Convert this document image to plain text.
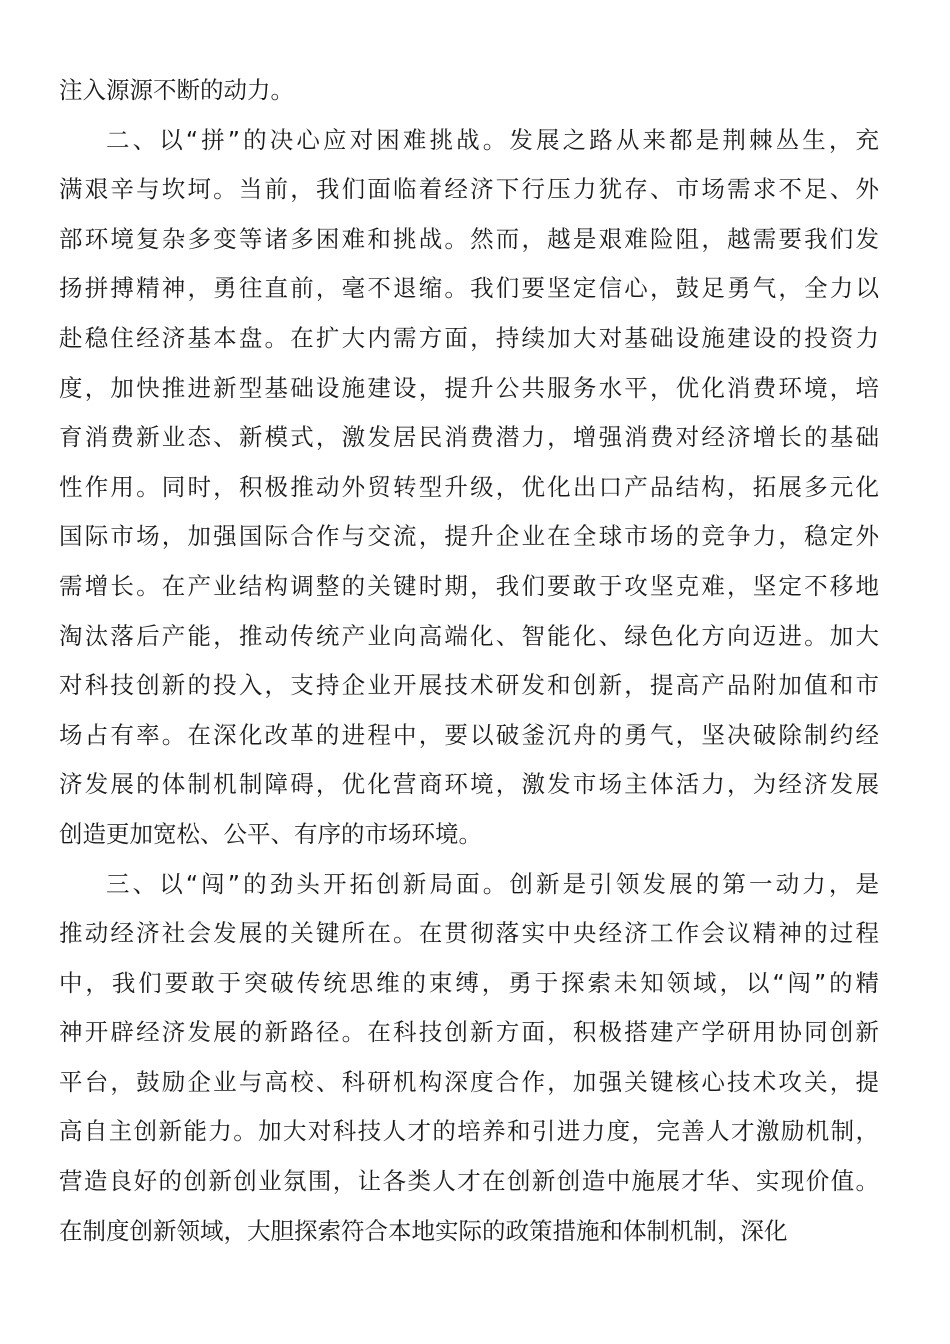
注入源源不断的动力。
二、以“拼”的决心应对困难挑战。发展之路从来都是荆棘丛生，充
满艰辛与坎坷。当前，我们面临着经济下行压力犹存、市场需求不足、外
部环境复杂多变等诸多困难和挑战。然而，越是艰难险阻，越需要我们发
扬拼搏精神，勇往直前，毫不退缩。我们要坚定信心，鼓足勇气，全力以
赴稳住经济基本盘。在扩大内需方面，持续加大对基础设施建设的投资力
度，加快推进新型基础设施建设，提升公共服务水平，优化消费环境，培
育消费新业态、新模式，激发居民消费潜力，增强消费对经济增长的基础
性作用。同时，积极推动外贸转型升级，优化出口产品结构，拓展多元化
国际市场，加强国际合作与交流，提升企业在全球市场的竞争力，稳定外
需增长。在产业结构调整的关键时期，我们要敢于攻坚克难，坚定不移地
淘汰落后产能，推动传统产业向高端化、智能化、绿色化方向迈进。加大
对科技创新的投入，支持企业开展技术研发和创新，提高产品附加值和市
场占有率。在深化改革的进程中，要以破釜沉舟的勇气，坚决破除制约经
济发展的体制机制障碍，优化营商环境，激发市场主体活力，为经济发展
创造更加宽松、公平、有序的市场环境。
三、以“闯”的劲头开拓创新局面。创新是引领发展的第一动力，是
推动经济社会发展的关键所在。在贯彻落实中央经济工作会议精神的过程
中，我们要敢于突破传统思维的束缚，勇于探索未知领域，以“闯”的精
神开辟经济发展的新路径。在科技创新方面，积极搭建产学研用协同创新
平台，鼓励企业与高校、科研机构深度合作，加强关键核心技术攻关，提
高自主创新能力。加大对科技人才的培养和引进力度，完善人才激励机制，
营造良好的创新创业氛围，让各类人才在创新创造中施展才华、实现价值。
在制度创新领域，大胆探索符合本地实际的政策措施和体制机制，深化
